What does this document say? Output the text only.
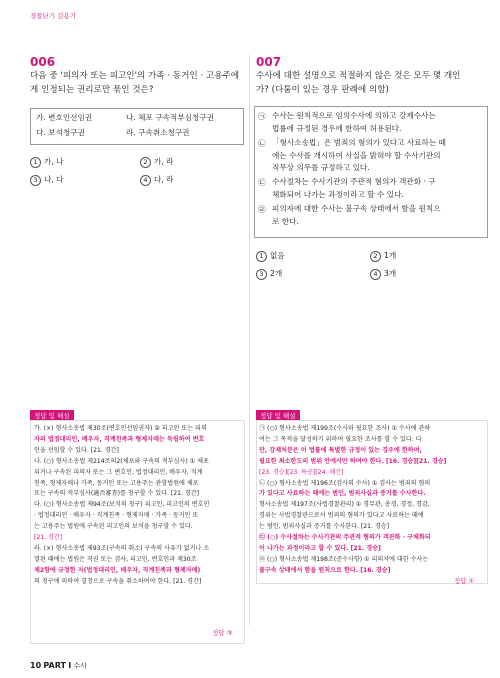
경찰단기 김용기
006
다음 중 '피의자 또는 피고인'의 가족 · 동거인 · 고용주에
게 인정되는 권리로만 묶인 것은?
가. 변호인선임권	나. 체포 구속적부심청구권
다. 보석청구권	라. 구속취소청구권
1 가, 나	2 가, 라
3 나, 다	4 다, 라
007
수사에 대한 설명으로 적절하지 않은 것은 모두 몇 개인
가? (다툼이 있는 경우 판례에 의함)
㉠ 수사는 원칙적으로 임의수사에 의하고 강제수사는
법률에 규정된 경우에 한하여 허용된다.
㉡ 「형사소송법」은 범죄의 혐의가 있다고 사료하는 때
에는 수사를 개시하여 사실을 밝혀야 할 수사기관의
직무상 의무를 규정하고 있다.
㉢ 수사절차는 수사기관의 주관적 혐의가 객관화 · 구
체화되어 나가는 과정이라고 할 수 있다.
㉣ 피의자에 대한 수사는 불구속 상태에서 함을 원칙으
로 한다.
1 없음	2 1개
3 2개	4 3개
정답 및 해설
가. (×) 형사소송법 제30조(변호인선임권자) ② 피고인 또는 피의
자의 법정대리인, 배우자, 직계친족과 형제자매는 독립하여 변호
인을 선임할 수 있다. [21. 경간]
나. (○) 형사소송법 제214조의2(체포와 구속의 적부심사) ① 체포
되거나 구속된 피의자 또는 그 변호인, 법정대리인, 배우자, 직계
친족, 형제자매나 가족, 동거인 또는 고용주는 관할법원에 체포
또는 구속의 적부심사(適否審査)를 청구할 수 있다. [21. 경간]
다. (○) 형사소송법 제94조(보석의 청구) 피고인, 피고인의 변호인
· 법정대리인 · 배우자 · 직계친족 · 형제자매 · 가족 · 동거인 또
는 고용주는 법원에 구속된 피고인의 보석을 청구할 수 있다.
[21. 경간]
라. (×) 형사소송법 제93조(구속의 취소) 구속의 사유가 없거나 소
멸된 때에는 법원은 직권 또는 검사, 피고인, 변호인과 제30조
제2항에 규정한 자(법정대리인, 배우자, 직계친족과 형제자매)
의 청구에 의하여 결정으로 구속을 취소하여야 한다. [21. 경간]
정답 ③
정답 및 해설
㉠ (○) 형사소송법 제199조(수사와 필요한 조사) ① 수사에 관하
여는 그 목적을 달성하기 위하여 필요한 조사를 할 수 있다. 다
만, 강제처분은 이 법률에 특별한 규정이 있는 경우에 한하며,
필요한 최소한도의 범위 안에서만 하여야 한다. [16. 경승][21. 경승]
[23. 경승][23. 특공][24. 해간]
㉡ (○) 형사소송법 제196조(검사의 수사) ① 검사는 범죄의 혐의
가 있다고 사료하는 때에는 범인, 범죄사실과 증거를 수사한다.
형사소송법 제197조(사법경찰관리) ① 경무관, 총경, 경정, 경감,
경위는 사법경찰관으로서 범죄의 혐의가 있다고 사료하는 때에
는 범인, 범죄사실과 증거를 수사한다. [21. 경승]
㉢ (○) 수사절차는 수사기관의 주관적 혐의가 객관화 · 구체화되
어 나가는 과정이라고 할 수 있다. [21. 경승]
㉣ (○) 형사소송법 제198조(준수사항) ① 피의자에 대한 수사는
불구속 상태에서 함을 원칙으로 한다. [16. 경승]
정답 ①
10 PART Ⅰ 수사
